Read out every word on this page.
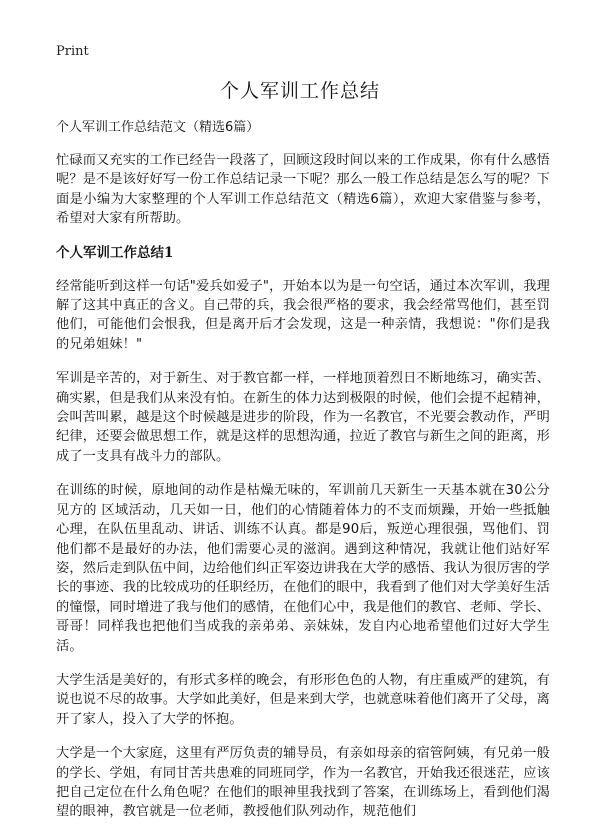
Print
个人军训工作总结

个人军训工作总结范文（精选6篇）

忙碌而又充实的工作已经告一段落了，回顾这段时间以来的工作成果，你有什么感悟呢？是不是该好好写一份工作总结记录一下呢？那么一般工作总结是怎么写的呢？下面是小编为大家整理的个人军训工作总结范文（精选6篇），欢迎大家借鉴与参考，希望对大家有所帮助。

个人军训工作总结1

经常能听到这样一句话"爱兵如爱子"，开始本以为是一句空话，通过本次军训，我理解了这其中真正的含义。自己带的兵，我会很严格的要求，我会经常骂他们，甚至罚他们，可能他们会恨我，但是离开后才会发现，这是一种亲情，我想说："你们是我的兄弟姐妹！"

军训是辛苦的，对于新生、对于教官都一样，一样地顶着烈日不断地练习，确实苦、确实累，但是我们从来没有怕。在新生的体力达到极限的时候，他们会提不起精神，会叫苦叫累，越是这个时候越是进步的阶段，作为一名教官，不光要会教动作，严明纪律，还要会做思想工作，就是这样的思想沟通，拉近了教官与新生之间的距离，形成了一支具有战斗力的部队。

在训练的时候，原地间的动作是枯燥无味的，军训前几天新生一天基本就在30公分见方的 区域活动，几天如一日，他们的心情随着体力的不支而烦躁，开始一些抵触心理，在队伍里乱动、讲话、训练不认真。都是90后，叛逆心理很强，骂他们、罚他们都不是最好的办法，他们需要心灵的滋润。遇到这种情况，我就让他们站好军姿，然后走到队伍中间，边给他们纠正军姿边讲我在大学的感悟、我认为很厉害的学长的事迹、我的比较成功的任职经历，在他们的眼中，我看到了他们对大学美好生活的憧憬，同时增进了我与他们的感情，在他们心中，我是他们的教官、老师、学长、哥哥！同样我也把他们当成我的亲弟弟、亲妹妹，发自内心地希望他们过好大学生活。

大学生活是美好的，有形式多样的晚会，有形形色色的人物，有庄重威严的建筑，有说也说不尽的故事。大学如此美好，但是来到大学，也就意味着他们离开了父母，离开了家人，投入了大学的怀抱。

大学是一个大家庭，这里有严厉负责的辅导员，有亲如母亲的宿管阿姨，有兄弟一般的学长、学姐，有同甘苦共患难的同班同学，作为一名教官，开始我还很迷茫，应该把自己定位在什么角色呢？在他们的眼神里我找到了答案，在训练场上，看到他们渴望的眼神，教官就是一位老师，教授他们队列动作，规范他们
